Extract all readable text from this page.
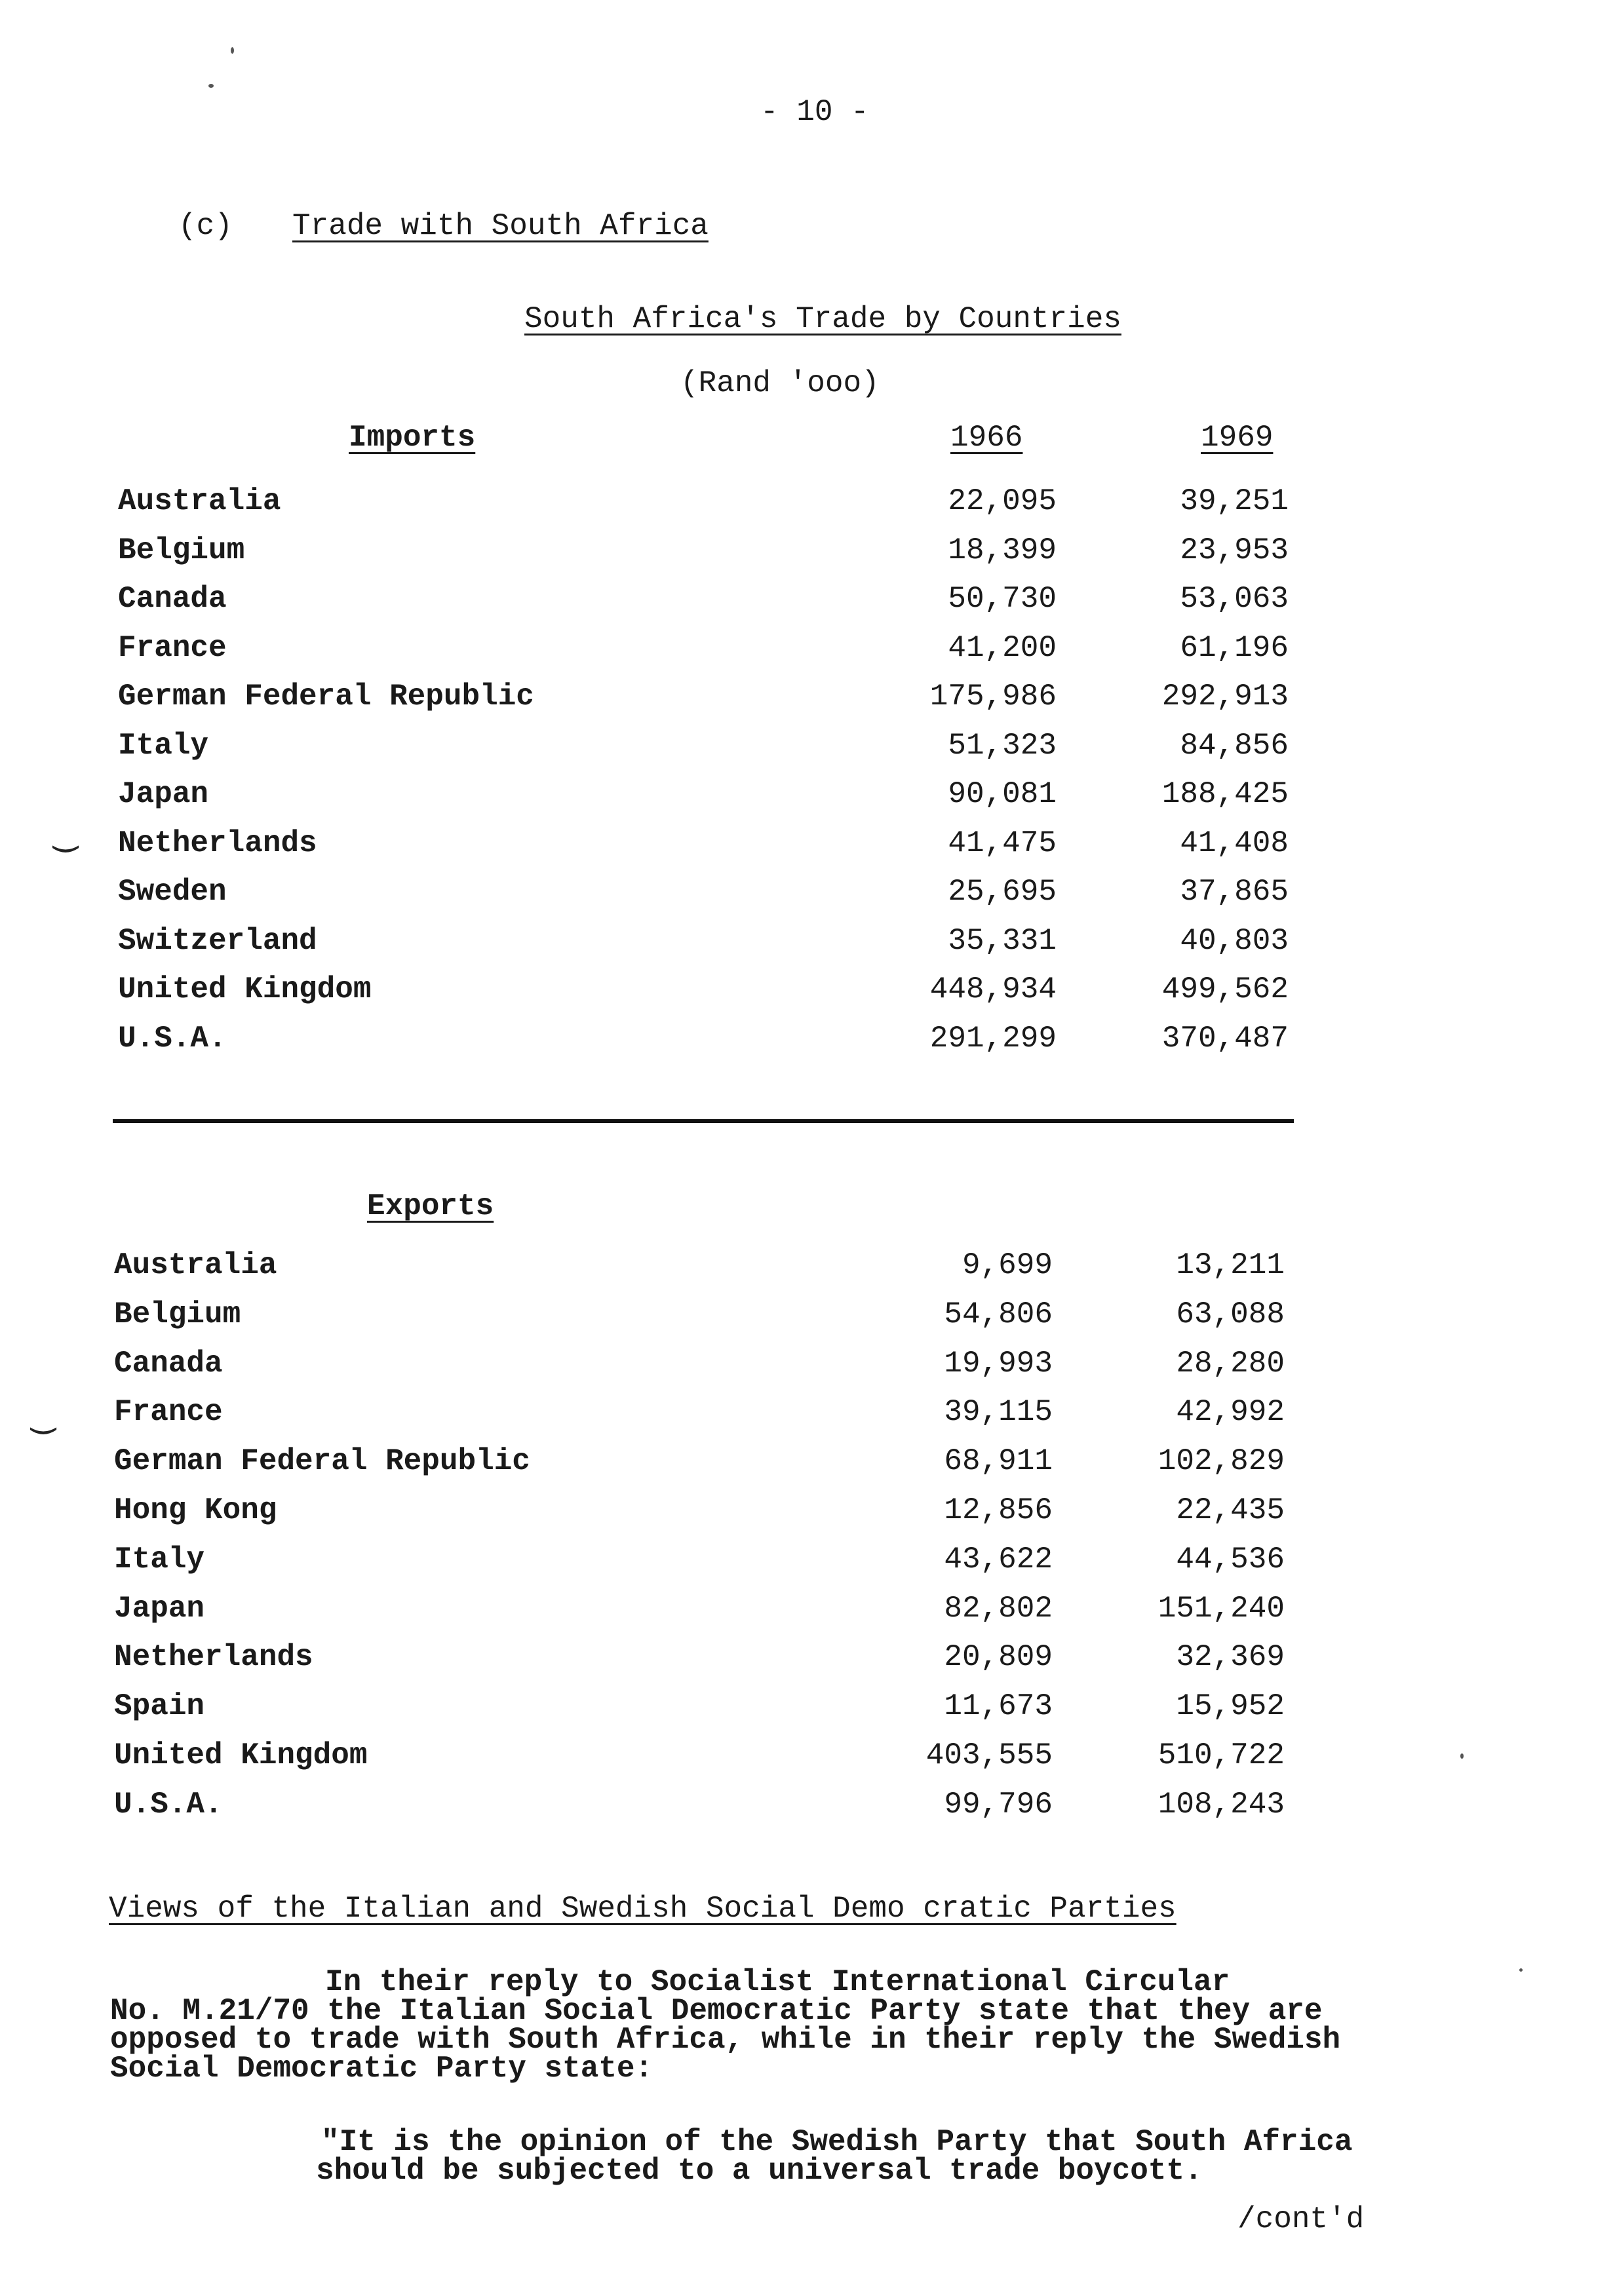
- 10 -
(c) Trade with South Africa
South Africa's Trade by Countries
(Rand 'ooo)
Imports	1966	1969
Australia	22,095	39,251
Belgium	18,399	23,953
Canada	50,730	53,063
France	41,200	61,196
German Federal Republic	175,986	292,913
Italy	51,323	84,856
Japan	90,081	188,425
Netherlands	41,475	41,408
Sweden	25,695	37,865
Switzerland	35,331	40,803
United Kingdom	448,934	499,562
U.S.A.	291,299	370,487
‿
‿
Exports
Australia	9,699	13,211
Belgium	54,806	63,088
Canada	19,993	28,280
France	39,115	42,992
German Federal Republic	68,911	102,829
Hong Kong	12,856	22,435
Italy	43,622	44,536
Japan	82,802	151,240
Netherlands	20,809	32,369
Spain	11,673	15,952
United Kingdom	403,555	510,722
U.S.A.	99,796	108,243
Views of the Italian and Swedish Social Demo cratic Parties
In their reply to Socialist International Circular
No. M.21/70 the Italian Social Democratic Party state that they are
opposed to trade with South Africa, while in their reply the Swedish
Social Democratic Party state:
"It is the opinion of the Swedish Party that South Africa
should be subjected to a universal trade boycott.
/cont'd
